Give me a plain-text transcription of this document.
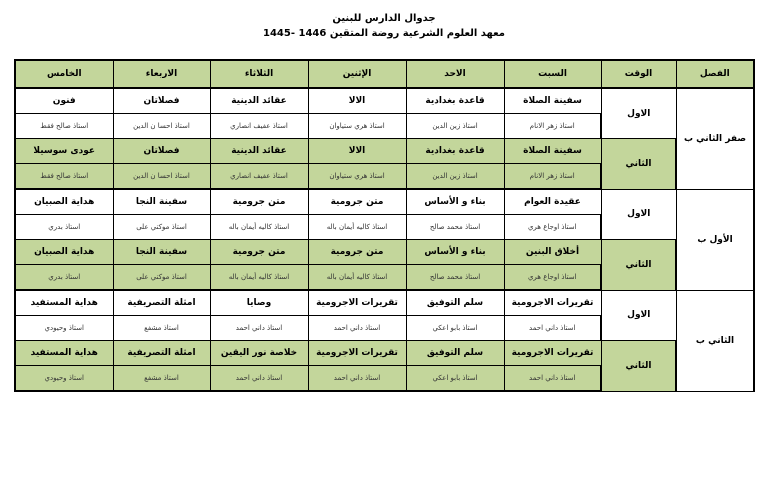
جدوال الدارس للبنين
معهد العلوم الشرعية روضة المتقين 1446 -1445
الفصل	الوقت	السبت	الاحد	الإثنين	الثلاثاء	الاربعاء	الخامس
صفر الثاني ب	الاول	سفينة الصلاة	قاعدة بغدادية	الالا	عقائد الدينية	فصلاتان	فنون
		استاذ زهر الانام	استاذ زين الدين	استاذ هري ستياوان	استاذ عفيف انصاري	استاذ احسا ن الدين	استاذ صالح فقط
	الثاني	سفينة الصلاة	قاعدة بغدادية	الالا	عقائد الدينية	فصلاتان	عودى سوسيلا
		استاذ زهر الانام	استاذ زين الدين	استاذ هري ستياوان	استاذ عفيف انصاري	استاذ احسا ن الدين	استاذ صالح فقط
الأول ب	الاول	عقيدة العوام	بناء و الأساس	متن جرومية	متن جرومية	سفينة النجا	هداية الصبيان
		استاذ اوجاع هري	استاذ محمد صالح	استاذ كاليه أيمان باله	استاذ كاليه أيمان باله	استاذ موكتي على	استاذ بدري
	الثاني	أخلاق البنين	بناء و الأساس	متن جرومية	متن جرومية	سفينة النجا	هداية الصبيان
		استاذ اوجاع هري	استاذ محمد صالح	استاذ كاليه أيمان باله	استاذ كاليه أيمان باله	استاذ موكتي على	استاذ بدري
الثاني ب	الاول	تقريرات الاجرومية	سلم التوفيق	تقريرات الاجرومية	وصايا	امثلة التصريفية	هداية المستفيد
		استاذ داني احمد	استاذ بابو اعكي	استاذ داني احمد	استاذ داني احمد	استاذ مشفع	استاذ وحيودي
	الثاني	تقريرات الاجرومية	سلم التوفيق	تقريرات الاجرومية	خلاصة نور اليقين	امثلة التصريفية	هداية المستفيد
		استاذ داني احمد	استاذ بابو اعكي	استاذ داني احمد	استاذ داني احمد	استاذ مشفع	استاذ وحيودي
